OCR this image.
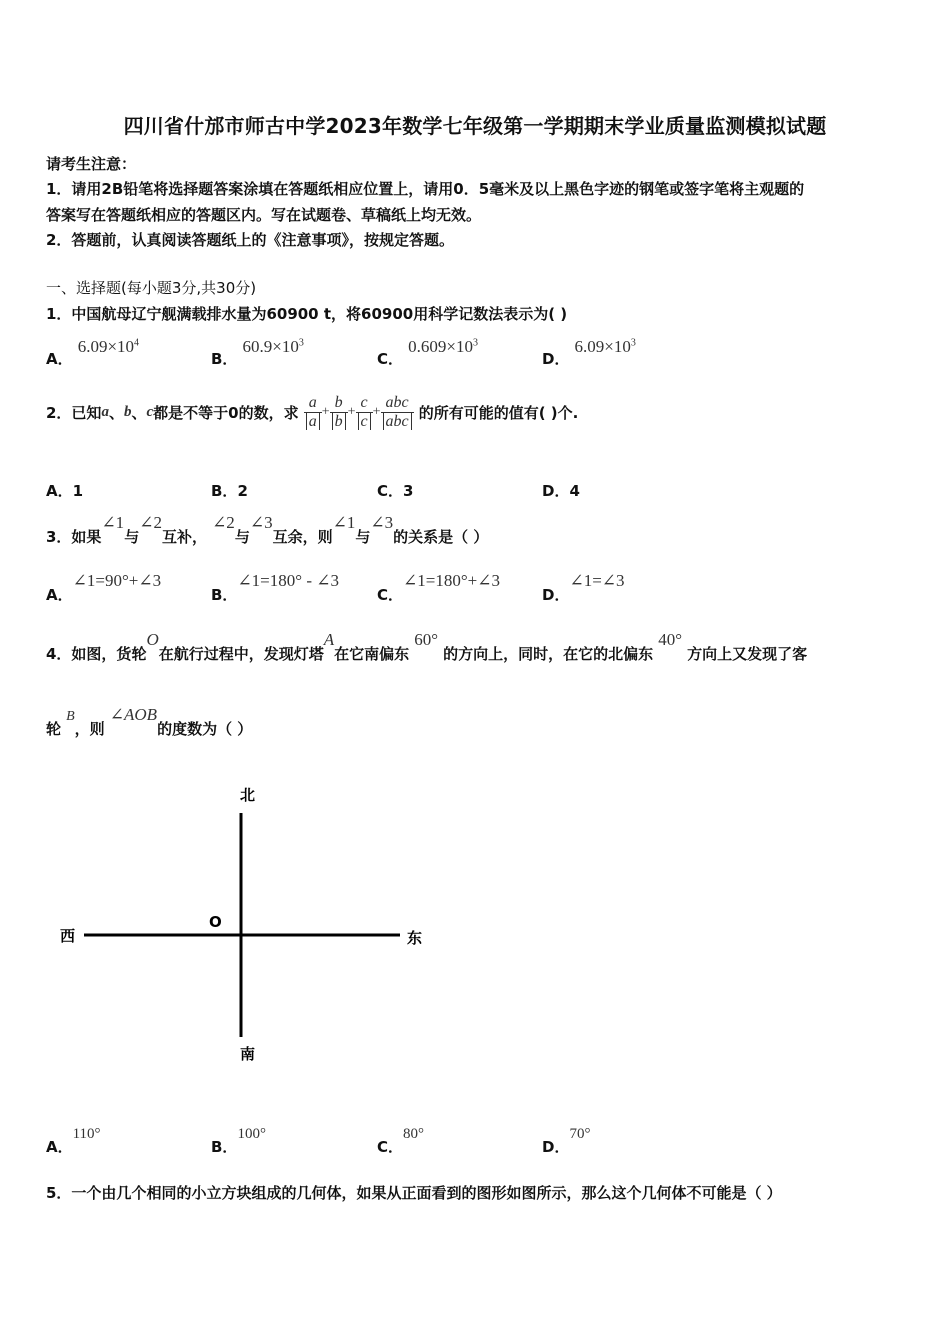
四川省什邡市师古中学2023年数学七年级第一学期期末学业质量监测模拟试题
请考生注意：
1．请用2B铅笔将选择题答案涂填在答题纸相应位置上，请用0．5毫米及以上黑色字迹的钢笔或签字笔将主观题的
答案写在答题纸相应的答题区内。写在试题卷、草稿纸上均无效。
2．答题前，认真阅读答题纸上的《注意事项》，按规定答题。
一、选择题(每小题3分,共30分)
1．中国航母辽宁舰满载排水量为60900 t，将60900用科学记数法表示为( )
A． $6.09\times 10^4$
B． $60.9\times 10^3$
C． $0.609\times 10^3$
D． $6.09\times 10^3$
2．已知a、b、c都是不等于0的数，求 $\frac{a}{a} + \frac{b}{b} + \frac{c}{c} + \frac{\text{abc}}{\text{abc}}$ 的所有可能的值有( )个.
A．1	B．2	C．3	D．4
3．如果∠1与∠2互补， ∠2与∠3互余，则∠1与∠3的关系是（ ）
A．∠1=90°+∠3
B．∠1=180° - ∠3
C．∠1=180°+∠3
D．∠1=∠3
4．如图，货轮O在航行过程中，发现灯塔A在它南偏东 60° 的方向上，同时，在它的北偏东 40° 方向上又发现了客
轮 B，则 ∠AOB的度数为（ ）
北
南
东
西
O
A．110°
B．100°
C．80°
D．70°
5．一个由几个相同的小立方块组成的几何体，如果从正面看到的图形如图所示，那么这个几何体不可能是（ ）
